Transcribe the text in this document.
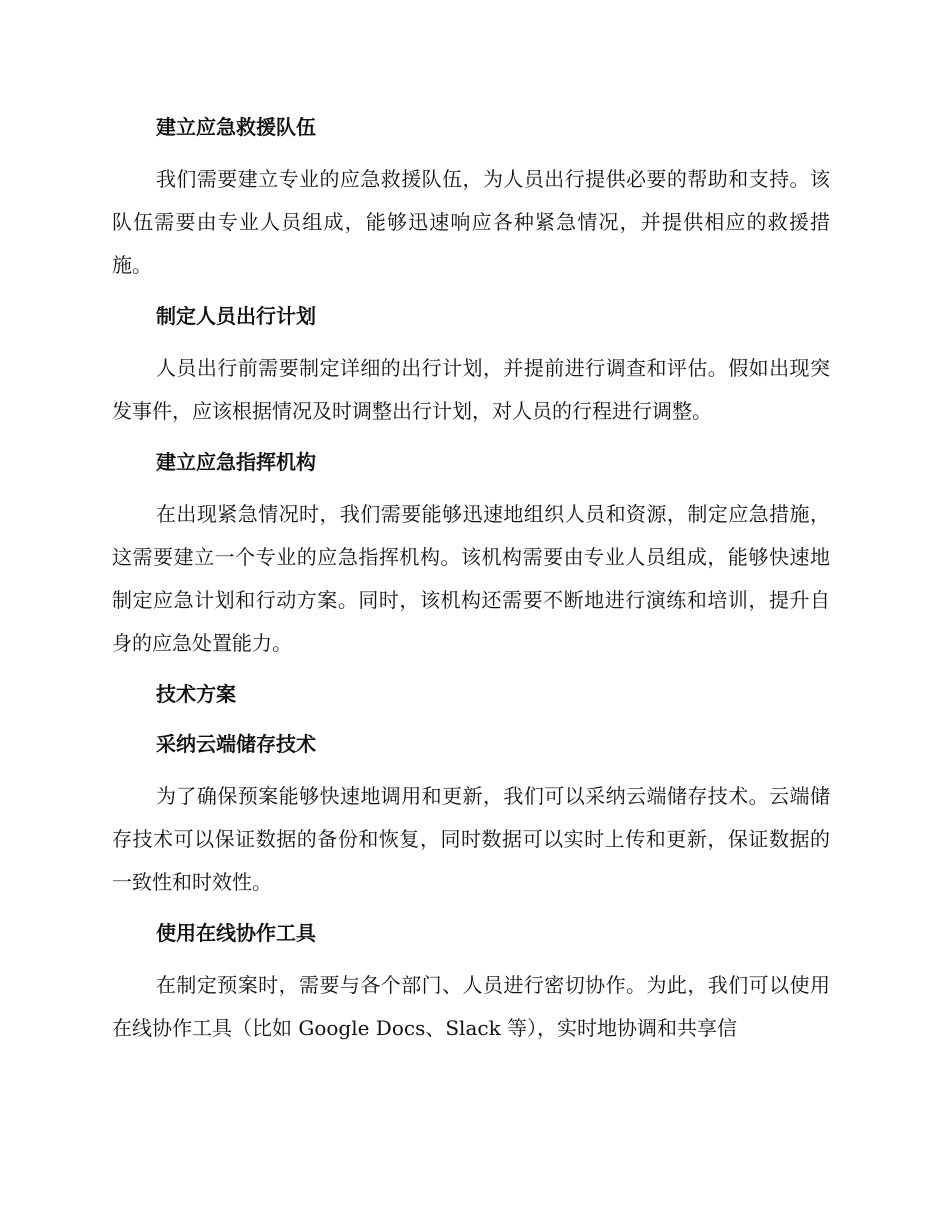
建立应急救援队伍
我们需要建立专业的应急救援队伍，为人员出行提供必要的帮助和支持。该队伍需要由专业人员组成，能够迅速响应各种紧急情况，并提供相应的救援措施。
制定人员出行计划
人员出行前需要制定详细的出行计划，并提前进行调查和评估。假如出现突发事件，应该根据情况及时调整出行计划，对人员的行程进行调整。
建立应急指挥机构
在出现紧急情况时，我们需要能够迅速地组织人员和资源，制定应急措施，这需要建立一个专业的应急指挥机构。该机构需要由专业人员组成，能够快速地制定应急计划和行动方案。同时，该机构还需要不断地进行演练和培训，提升自身的应急处置能力。
技术方案
采纳云端储存技术
为了确保预案能够快速地调用和更新，我们可以采纳云端储存技术。云端储存技术可以保证数据的备份和恢复，同时数据可以实时上传和更新，保证数据的一致性和时效性。
使用在线协作工具
在制定预案时，需要与各个部门、人员进行密切协作。为此，我们可以使用在线协作工具（比如 Google Docs、Slack 等），实时地协调和共享信
